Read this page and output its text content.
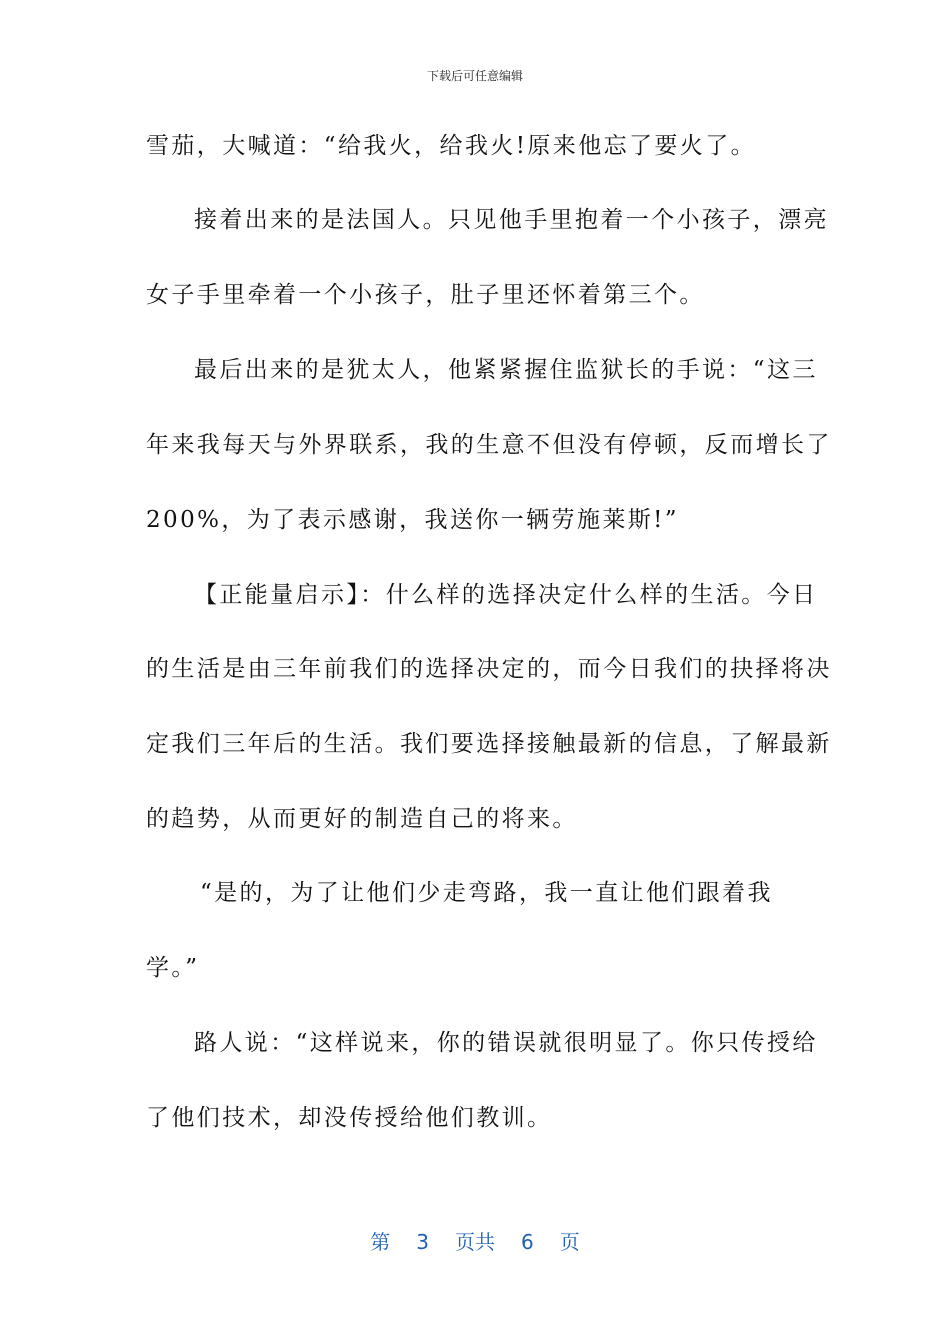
下载后可任意编辑
雪茄，大喊道：“给我火，给我火!原来他忘了要火了。
接着出来的是法国人。只见他手里抱着一个小孩子，漂亮
女子手里牵着一个小孩子，肚子里还怀着第三个。
最后出来的是犹太人，他紧紧握住监狱长的手说：“这三
年来我每天与外界联系，我的生意不但没有停顿，反而增长了
200%，为了表示感谢，我送你一辆劳施莱斯!”
【正能量启示】：什么样的选择决定什么样的生活。今日
的生活是由三年前我们的选择决定的，而今日我们的抉择将决
定我们三年后的生活。我们要选择接触最新的信息，了解最新
的趋势，从而更好的制造自己的将来。
“是的，为了让他们少走弯路，我一直让他们跟着我
学。”
路人说：“这样说来，你的错误就很明显了。你只传授给
了他们技术，却没传授给他们教训。
第 3 页共 6 页
